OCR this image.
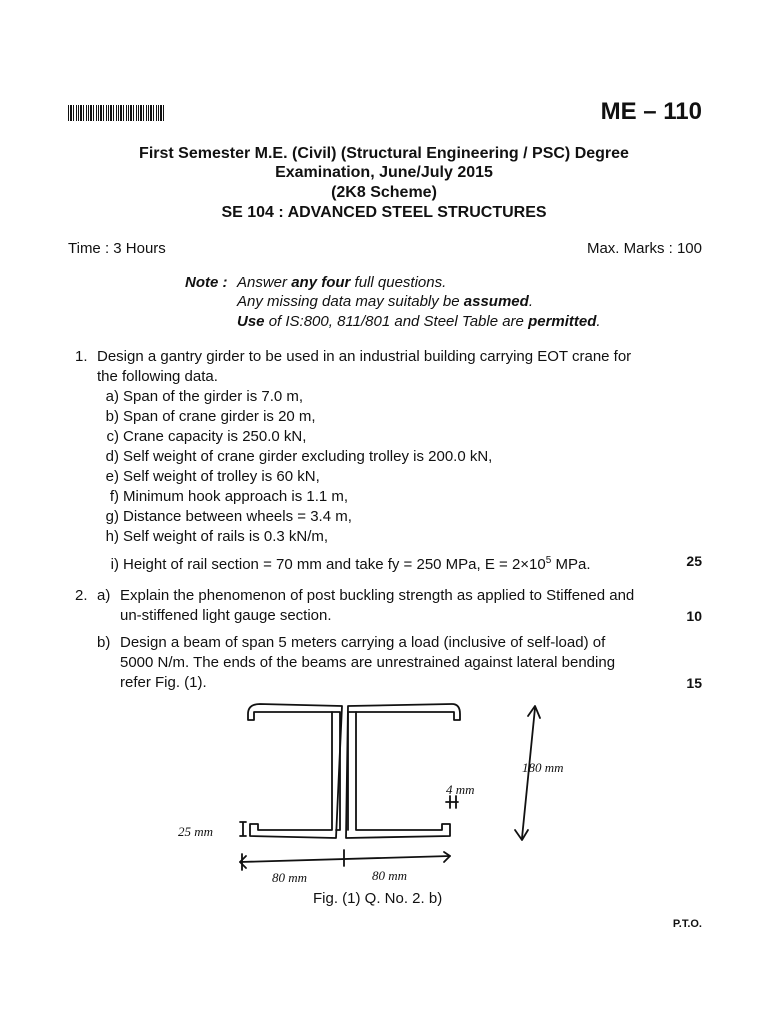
ME – 110
First Semester M.E. (Civil) (Structural Engineering / PSC) Degree
Examination, June/July 2015
(2K8 Scheme)
SE 104 : ADVANCED STEEL STRUCTURES
Time : 3 Hours	Max. Marks : 100
Note : Answer any four full questions.
Any missing data may suitably be assumed.
Use of IS:800, 811/801 and Steel Table are permitted.
1. Design a gantry girder to be used in an industrial building carrying EOT crane for
the following data.
a) Span of the girder is 7.0 m,
b) Span of crane girder is 20 m,
c) Crane capacity is 250.0 kN,
d) Self weight of crane girder excluding trolley is 200.0 kN,
e) Self weight of trolley is 60 kN,
f) Minimum hook approach is 1.1 m,
g) Distance between wheels = 3.4 m,
h) Self weight of rails is 0.3 kN/m,
i) Height of rail section = 70 mm and take fy = 250 MPa, $E = 2\times 10^5$ MPa.	25
2. a) Explain the phenomenon of post buckling strength as applied to Stiffened and
un-stiffened light gauge section.	10
b) Design a beam of span 5 meters carrying a load (inclusive of self-load) of
5000 N/m. The ends of the beams are unrestrained against lateral bending
refer Fig. (1).	15
180 mm
4 mm
25 mm
80 mm	80 mm
Fig. (1) Q. No. 2. b)
P.T.O.
